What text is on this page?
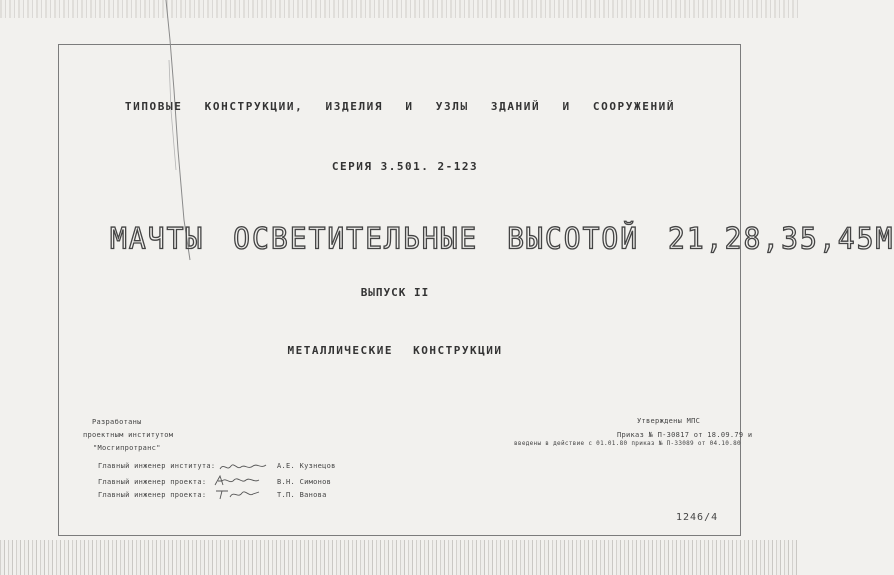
ТИПОВЫЕ КОНСТРУКЦИИ, ИЗДЕЛИЯ И УЗЛЫ ЗДАНИЙ И СООРУЖЕНИЙ
СЕРИЯ 3.501. 2-123
МАЧТЫ ОСВЕТИТЕЛЬНЫЕ ВЫСОТОЙ 21,28,35,45М
ВЫПУСК II
МЕТАЛЛИЧЕСКИЕ КОНСТРУКЦИИ
Разработаны
проектным институтом
"Мосгипротранс"
Главный инженер института:
Главный инженер проекта:
Главный инженер проекта:
А.Е. Кузнецов
В.Н. Симонов
Т.П. Ванова
Утверждены МПС
Приказ № П-30817 от 18.09.79 и
введены в действие с 01.01.80 приказ № П-33089 от 04.10.80
1246/4
